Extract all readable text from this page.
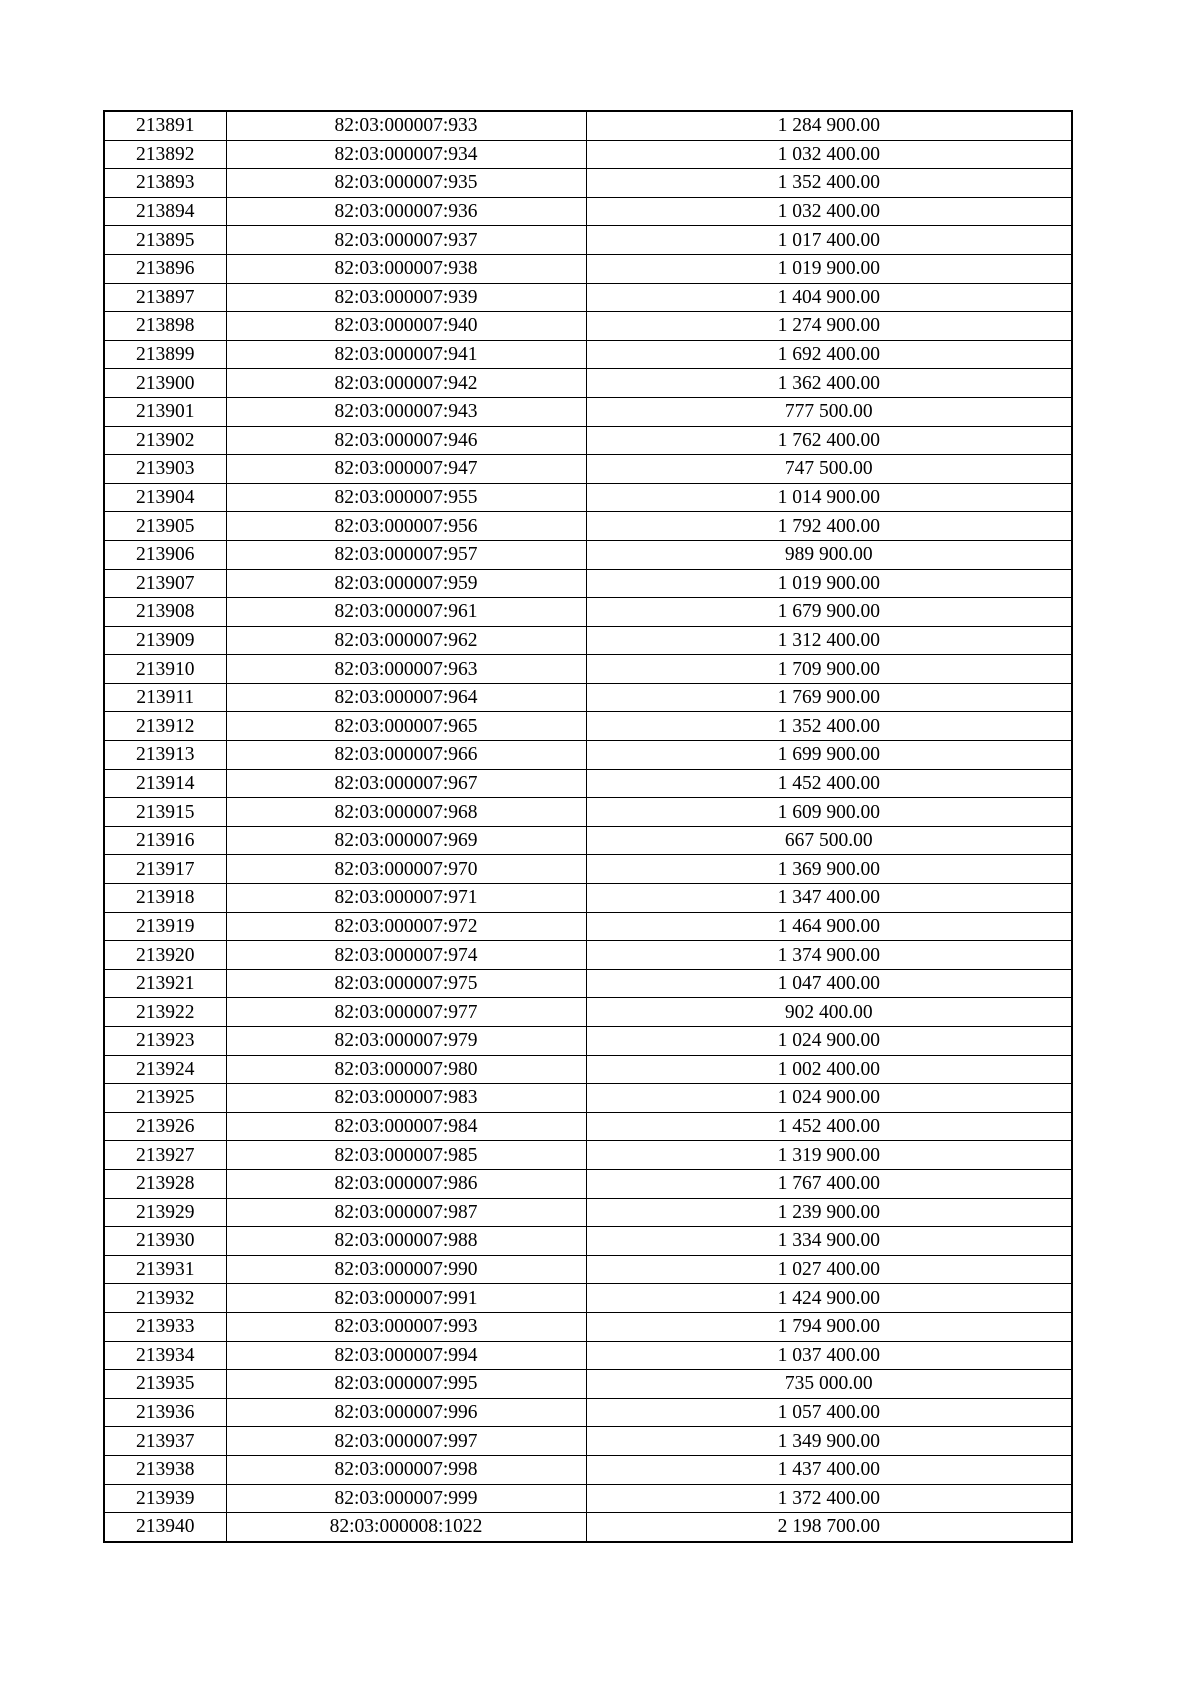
213891	82:03:000007:933	1 284 900.00
213892	82:03:000007:934	1 032 400.00
213893	82:03:000007:935	1 352 400.00
213894	82:03:000007:936	1 032 400.00
213895	82:03:000007:937	1 017 400.00
213896	82:03:000007:938	1 019 900.00
213897	82:03:000007:939	1 404 900.00
213898	82:03:000007:940	1 274 900.00
213899	82:03:000007:941	1 692 400.00
213900	82:03:000007:942	1 362 400.00
213901	82:03:000007:943	777 500.00
213902	82:03:000007:946	1 762 400.00
213903	82:03:000007:947	747 500.00
213904	82:03:000007:955	1 014 900.00
213905	82:03:000007:956	1 792 400.00
213906	82:03:000007:957	989 900.00
213907	82:03:000007:959	1 019 900.00
213908	82:03:000007:961	1 679 900.00
213909	82:03:000007:962	1 312 400.00
213910	82:03:000007:963	1 709 900.00
213911	82:03:000007:964	1 769 900.00
213912	82:03:000007:965	1 352 400.00
213913	82:03:000007:966	1 699 900.00
213914	82:03:000007:967	1 452 400.00
213915	82:03:000007:968	1 609 900.00
213916	82:03:000007:969	667 500.00
213917	82:03:000007:970	1 369 900.00
213918	82:03:000007:971	1 347 400.00
213919	82:03:000007:972	1 464 900.00
213920	82:03:000007:974	1 374 900.00
213921	82:03:000007:975	1 047 400.00
213922	82:03:000007:977	902 400.00
213923	82:03:000007:979	1 024 900.00
213924	82:03:000007:980	1 002 400.00
213925	82:03:000007:983	1 024 900.00
213926	82:03:000007:984	1 452 400.00
213927	82:03:000007:985	1 319 900.00
213928	82:03:000007:986	1 767 400.00
213929	82:03:000007:987	1 239 900.00
213930	82:03:000007:988	1 334 900.00
213931	82:03:000007:990	1 027 400.00
213932	82:03:000007:991	1 424 900.00
213933	82:03:000007:993	1 794 900.00
213934	82:03:000007:994	1 037 400.00
213935	82:03:000007:995	735 000.00
213936	82:03:000007:996	1 057 400.00
213937	82:03:000007:997	1 349 900.00
213938	82:03:000007:998	1 437 400.00
213939	82:03:000007:999	1 372 400.00
213940	82:03:000008:1022	2 198 700.00
